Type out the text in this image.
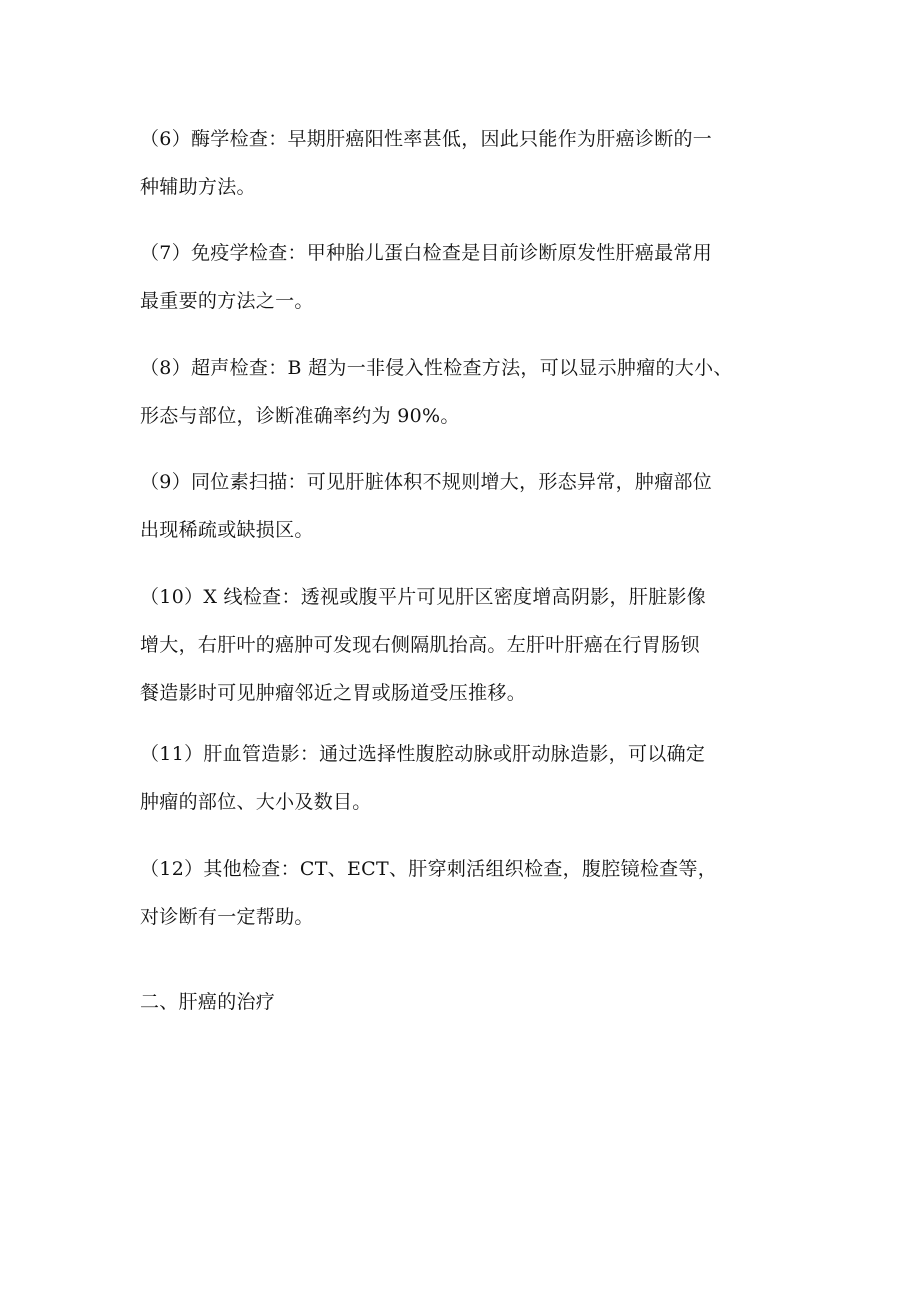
（6）酶学检查：早期肝癌阳性率甚低，因此只能作为肝癌诊断的一
种辅助方法。
（7）免疫学检查：甲种胎儿蛋白检查是目前诊断原发性肝癌最常用
最重要的方法之一。
（8）超声检查：B 超为一非侵入性检查方法，可以显示肿瘤的大小、
形态与部位，诊断准确率约为 90%。
（9）同位素扫描：可见肝脏体积不规则增大，形态异常，肿瘤部位
出现稀疏或缺损区。
（10）X 线检查：透视或腹平片可见肝区密度增高阴影，肝脏影像
增大，右肝叶的癌肿可发现右侧隔肌抬高。左肝叶肝癌在行胃肠钡
餐造影时可见肿瘤邻近之胃或肠道受压推移。
（11）肝血管造影：通过选择性腹腔动脉或肝动脉造影，可以确定
肿瘤的部位、大小及数目。
（12）其他检查：CT、ECT、肝穿刺活组织检查，腹腔镜检查等，
对诊断有一定帮助。
二、肝癌的治疗
